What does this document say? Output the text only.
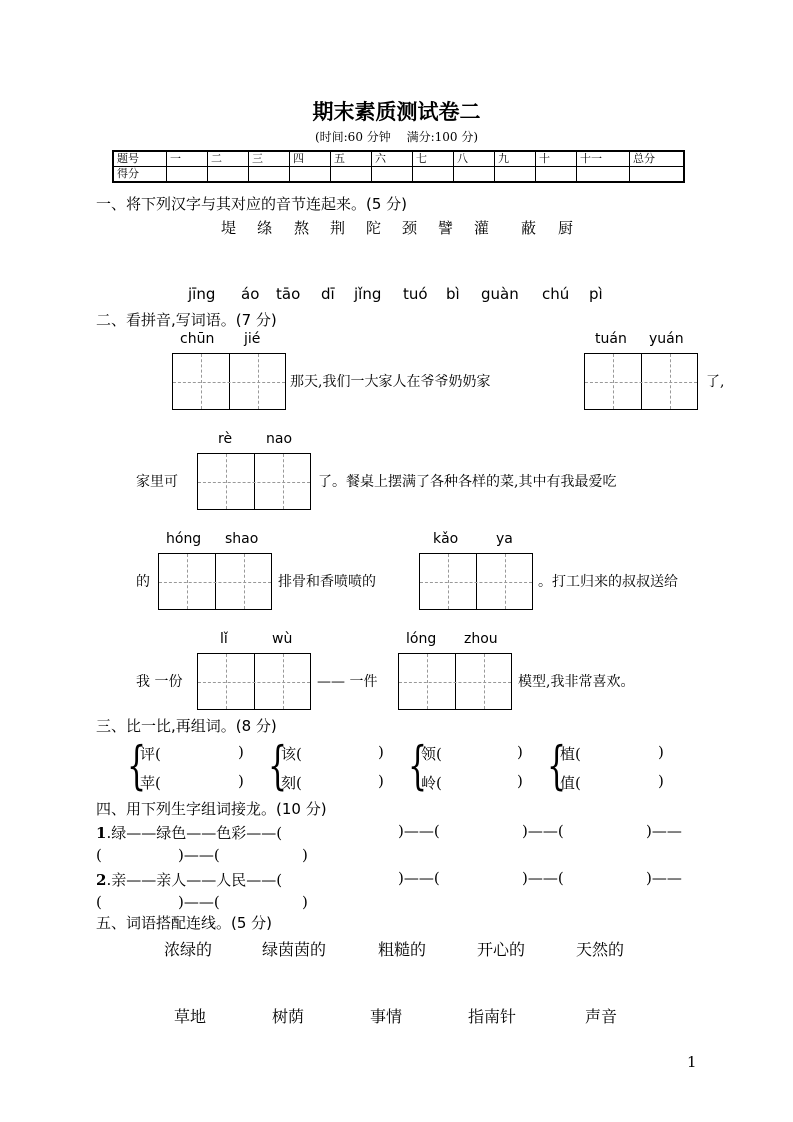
期末素质测试卷二
(时间:60 分钟　 满分:100 分)
题号	一	二	三	四	五	六	七	八	九	十	十一	总分
得分												
一、将下列汉字与其对应的音节连起来。(5 分)
堤 绦 熬 荆 陀 颈 譬 灌 蔽 厨
jīng áo tāo dī jǐng tuó bì guàn chú pì
二、看拼音,写词语。(7 分)
chūn jié
那天,我们一大家人在爷爷奶奶家
tuán yuán
了,
rè nao
家里可	了。餐桌上摆满了各种各样的菜,其中有我最爱吃
hóng shao
的	排骨和香喷喷的
kǎo	ya
。打工归来的叔叔送给
lǐ	wù
我 一份	—— 一件
lóng zhou
模型,我非常喜欢。
三、比一比,再组词。(8 分)
{
评(	)
苹(	) {
该(	)
刻(	) {
领(	)
岭(	) {
植(	)
值(	)
四、用下列生字组词接龙。(10 分)
1.绿——绿色——色彩——(	)——(	)——(	)——
(	)——(	)
2.亲——亲人——人民——(	)——(	)——(	)——
(	)——(	)
五、词语搭配连线。(5 分)
浓绿的	绿茵茵的	粗糙的	开心的	天然的
草地	树荫	事情	指南针	声音
1
